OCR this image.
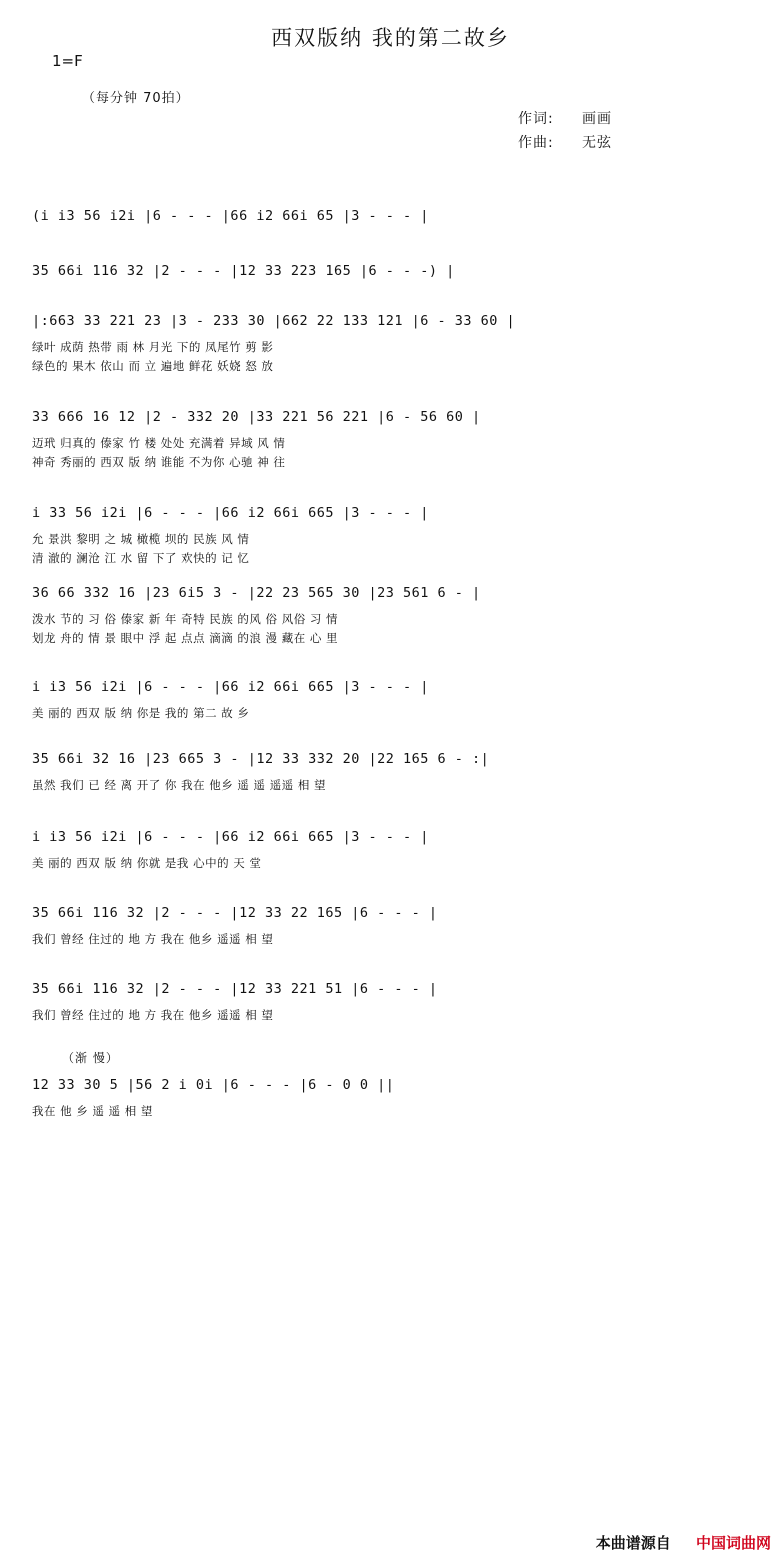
西双版纳 我的第二故乡
1=F
（每分钟 70拍）
作词: 画画
作曲: 无弦
（渐 慢）
(i i3 56 i2i |6 - - - |66 i2 66i 65 |3 - - - |
35 66i 116 32 |2 - - - |12 33 223 165 |6 - - -) |
|:663 33 221 23 |3 - 233 30 |662 22 133 121 |6 - 33 60 |
绿叶 成荫 热带 雨 林 月光 下的 凤尾竹 剪 影
绿色的 果木 依山 而 立 遍地 鲜花 妖娆 怒 放
33 666 16 12 |2 - 332 20 |33 221 56 221 |6 - 56 60 |
迈玳 归真的 傣家 竹 楼 处处 充满着 异域 风 情
神奇 秀丽的 西双 版 纳 谁能 不为你 心驰 神 往
i 33 56 i2i |6 - - - |66 i2 66i 665 |3 - - - |
允 景洪 黎明 之 城 橄榄 坝的 民族 风 情
清 澈的 澜沧 江 水 留 下了 欢快的 记 忆
36 66 332 16 |23 6i5 3 - |22 23 565 30 |23 561 6 - |
泼水 节的 习 俗 傣家 新 年 奇特 民族 的风 俗 风俗 习 情
划龙 舟的 情 景 眼中 浮 起 点点 滴滴 的浪 漫 藏在 心 里
i i3 56 i2i |6 - - - |66 i2 66i 665 |3 - - - |
美 丽的 西双 版 纳 你是 我的 第二 故 乡
35 66i 32 16 |23 665 3 - |12 33 332 20 |22 165 6 - :|
虽然 我们 已 经 离 开了 你 我在 他乡 遥 遥 遥遥 相 望
i i3 56 i2i |6 - - - |66 i2 66i 665 |3 - - - |
美 丽的 西双 版 纳 你就 是我 心中的 天 堂
35 66i 116 32 |2 - - - |12 33 22 165 |6 - - - |
我们 曾经 住过的 地 方 我在 他乡 遥遥 相 望
35 66i 116 32 |2 - - - |12 33 221 51 |6 - - - |
我们 曾经 住过的 地 方 我在 他乡 遥遥 相 望
12 33 30 5 |56 2 i 0i |6 - - - |6 - 0 0 ||
我在 他 乡 遥 遥 相 望
本曲谱源自 中国词曲网
